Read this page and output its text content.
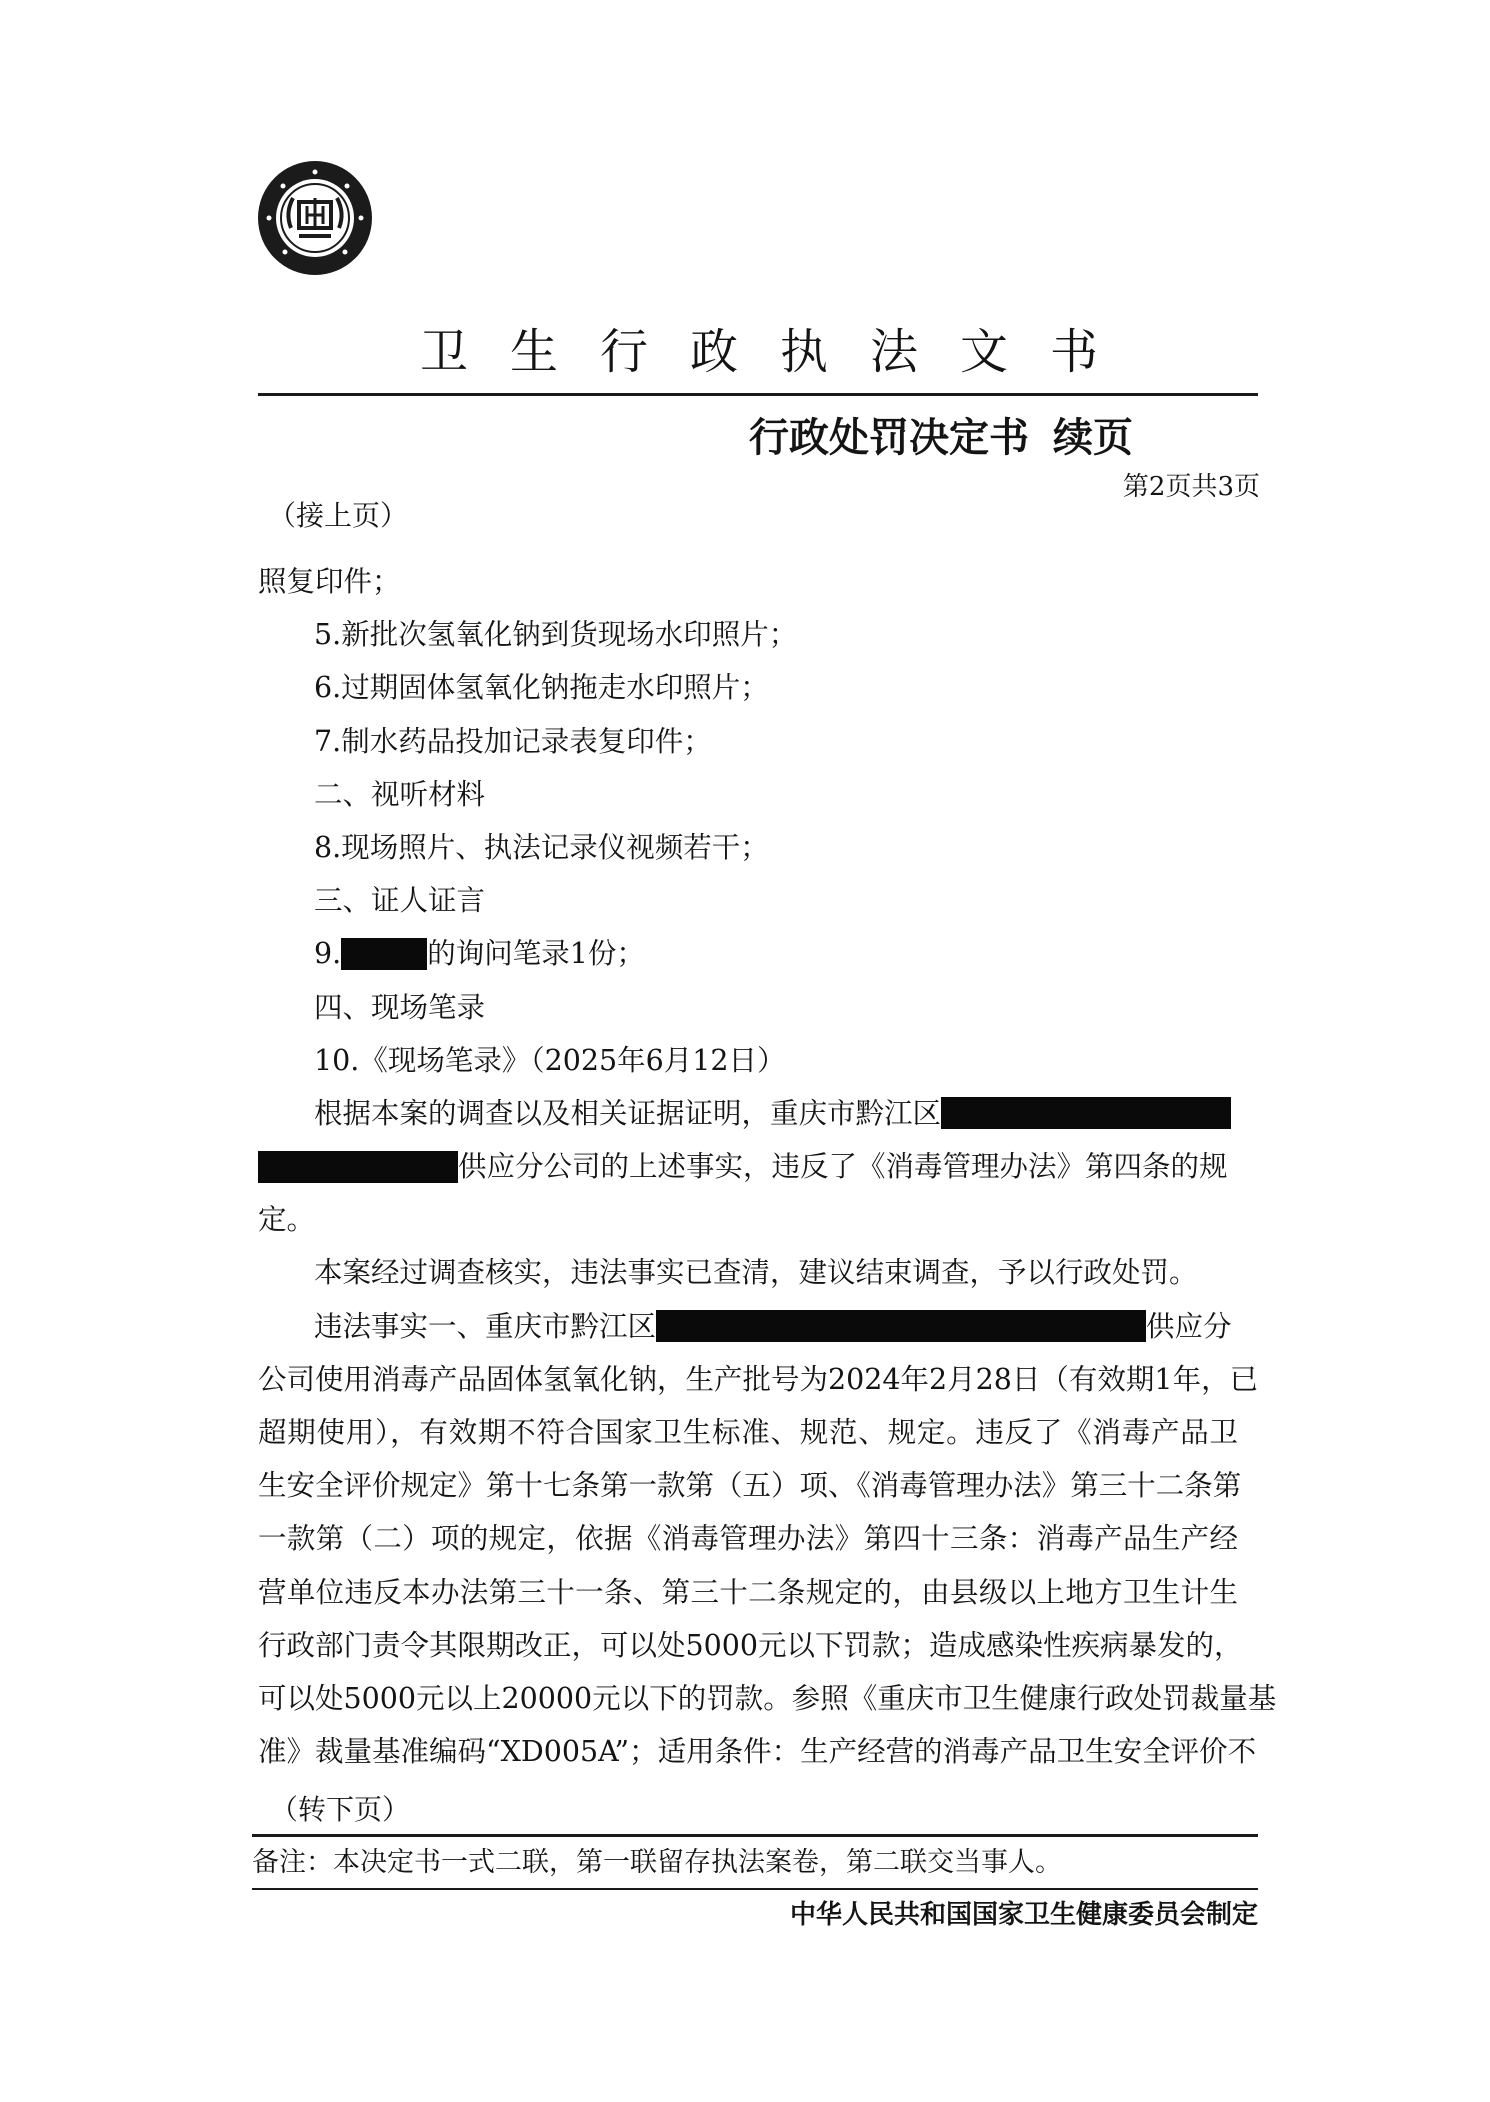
卫生行政执法文书
行政处罚决定书 续页
第2页共3页
（接上页）
照复印件；
5.新批次氢氧化钠到货现场水印照片；
6.过期固体氢氧化钠拖走水印照片；
7.制水药品投加记录表复印件；
二、视听材料
8.现场照片、执法记录仪视频若干；
三、证人证言
9.	的询问笔录1份；
四、现场笔录
10.《现场笔录》（2025年6月12日）
根据本案的调查以及相关证据证明，重庆市黔江区
供应分公司的上述事实，违反了《消毒管理办法》第四条的规
定。
本案经过调查核实，违法事实已查清，建议结束调查，予以行政处罚。
违法事实一、重庆市黔江区	供应分
公司使用消毒产品固体氢氧化钠，生产批号为2024年2月28日（有效期1年，已
超期使用），有效期不符合国家卫生标准、规范、规定。违反了《消毒产品卫
生安全评价规定》第十七条第一款第（五）项、《消毒管理办法》第三十二条第
一款第（二）项的规定，依据《消毒管理办法》第四十三条：消毒产品生产经
营单位违反本办法第三十一条、第三十二条规定的，由县级以上地方卫生计生
行政部门责令其限期改正，可以处5000元以下罚款；造成感染性疾病暴发的，
可以处5000元以上20000元以下的罚款。参照《重庆市卫生健康行政处罚裁量基
准》裁量基准编码“XD005A”；适用条件：生产经营的消毒产品卫生安全评价不
（转下页）
备注：本决定书一式二联，第一联留存执法案卷，第二联交当事人。
中华人民共和国国家卫生健康委员会制定
